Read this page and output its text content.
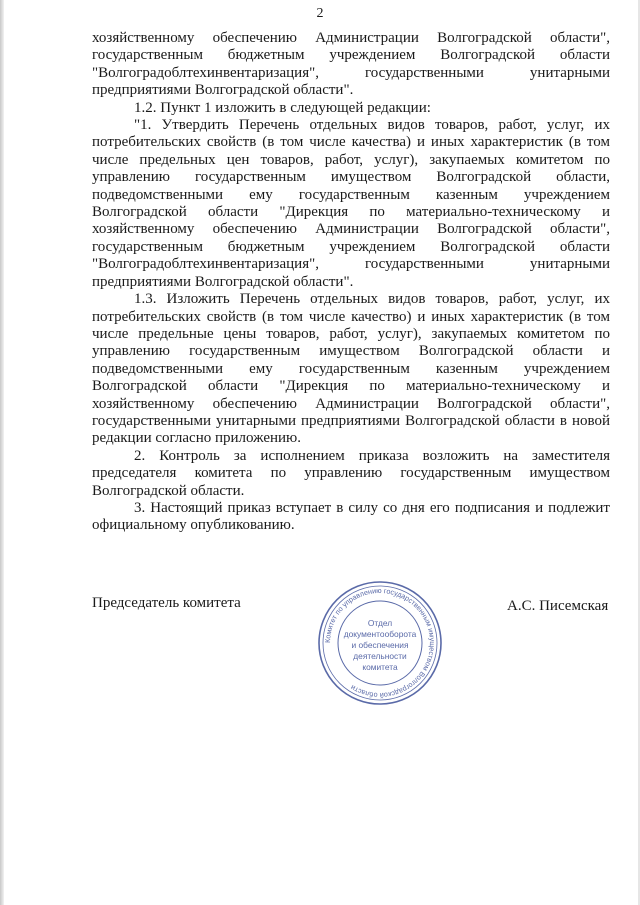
2

хозяйственному обеспечению Администрации Волгоградской области", государственным бюджетным учреждением Волгоградской области "Волгоградоблтехинвентаризация", государственными унитарными предприятиями Волгоградской области".

1.2. Пункт 1 изложить в следующей редакции:

"1. Утвердить Перечень отдельных видов товаров, работ, услуг, их потребительских свойств (в том числе качества) и иных характеристик (в том числе предельных цен товаров, работ, услуг), закупаемых комитетом по управлению государственным имуществом Волгоградской области, подведомственными ему государственным казенным учреждением Волгоградской области "Дирекция по материально-техническому и хозяйственному обеспечению Администрации Волгоградской области", государственным бюджетным учреждением Волгоградской области "Волгоградоблтехинвентаризация", государственными унитарными предприятиями Волгоградской области".

1.3. Изложить Перечень отдельных видов товаров, работ, услуг, их потребительских свойств (в том числе качество) и иных характеристик (в том числе предельные цены товаров, работ, услуг), закупаемых комитетом по управлению государственным имуществом Волгоградской области и подведомственными ему государственным казенным учреждением Волгоградской области "Дирекция по материально-техническому и хозяйственному обеспечению Администрации Волгоградской области", государственными унитарными предприятиями Волгоградской области в новой редакции согласно приложению.

2. Контроль за исполнением приказа возложить на заместителя председателя комитета по управлению государственным имуществом Волгоградской области.

3. Настоящий приказ вступает в силу со дня его подписания и подлежит официальному опубликованию.

Председатель комитета
Комитет по управлению государственным имуществом Волгоградской области
Отдел
документооборота
и обеспечения
деятельности
комитета
А.С. Писемская
